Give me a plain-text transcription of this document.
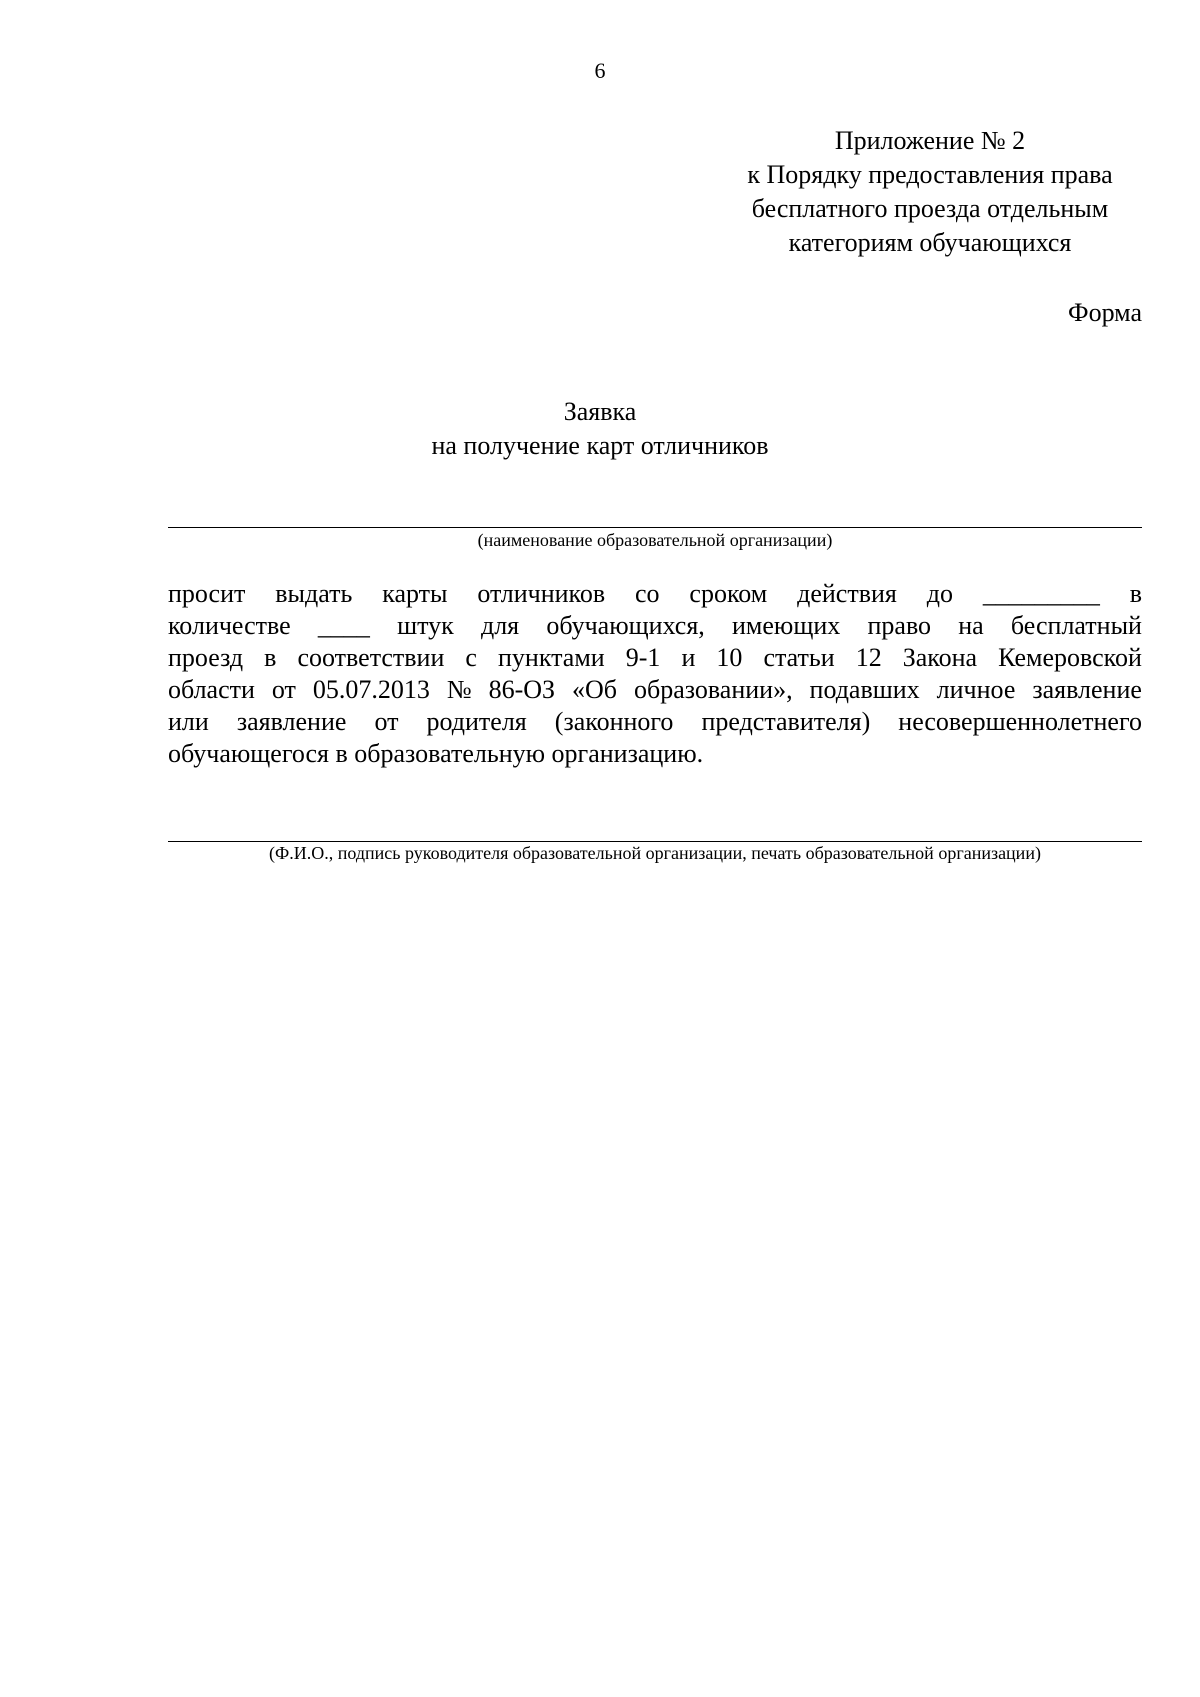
6
Приложение № 2
к Порядку предоставления права
бесплатного проезда отдельным
категориям обучающихся
Форма
Заявка
на получение карт отличников
(наименование образовательной организации)
просит выдать карты отличников со сроком действия до _________ в
количестве ____ штук для обучающихся, имеющих право на бесплатный
проезд в соответствии с пунктами 9-1 и 10 статьи 12 Закона Кемеровской
области от 05.07.2013 № 86-ОЗ «Об образовании», подавших личное заявление
или заявление от родителя (законного представителя) несовершеннолетнего
обучающегося в образовательную организацию.
(Ф.И.О., подпись руководителя образовательной организации, печать образовательной организации)
